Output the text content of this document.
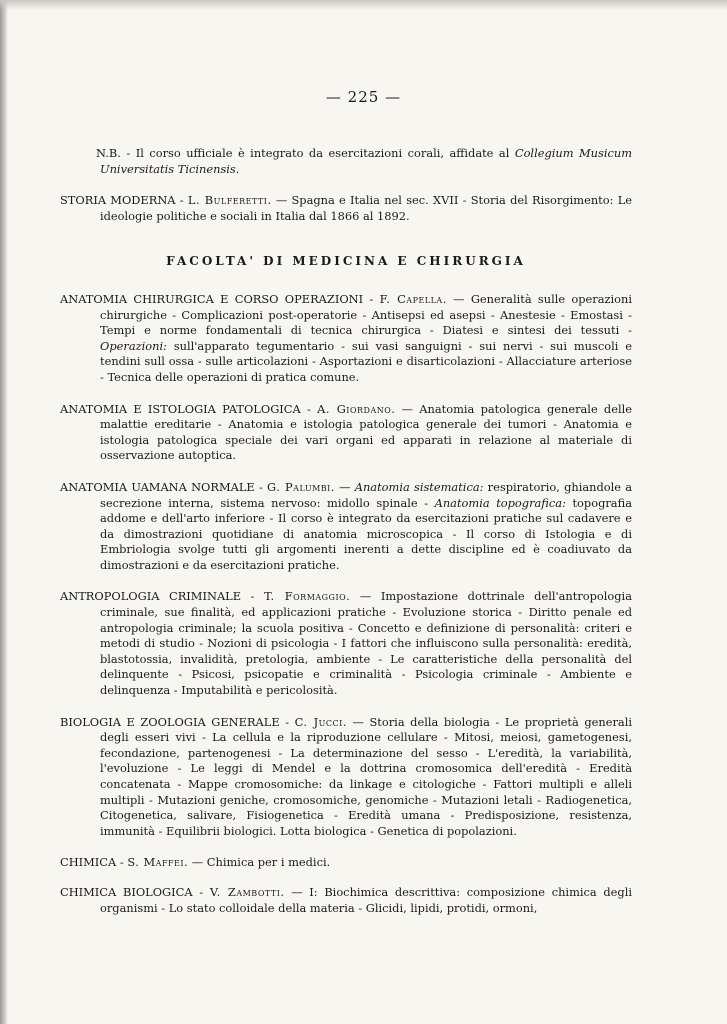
— 225 —

N.B. - Il corso ufficiale è integrato da esercitazioni corali, affidate al Collegium Musicum Universitatis Ticinensis.

STORIA MODERNA - L. Bulferetti. — Spagna e Italia nel sec. XVII - Storia del Risorgimento: Le ideologie politiche e sociali in Italia dal 1866 al 1892.

FACOLTA' DI MEDICINA E CHIRURGIA

ANATOMIA CHIRURGICA E CORSO OPERAZIONI - F. Capella. — Generalità sulle operazioni chirurgiche - Complicazioni post-operatorie - Antisepsi ed asepsi - Anestesie - Emostasi - Tempi e norme fondamentali di tecnica chirurgica - Diatesi e sintesi dei tessuti - Operazioni: sull'apparato tegumentario - sui vasi sanguigni - sui nervi - sui muscoli e tendini sull ossa - sulle articolazioni - Asportazioni e disarticolazioni - Allacciature arteriose - Tecnica delle operazioni di pratica comune.

ANATOMIA E ISTOLOGIA PATOLOGICA - A. Giordano. — Anatomia patologica generale delle malattie ereditarie - Anatomia e istologia patologica generale dei tumori - Anatomia e istologia patologica speciale dei vari organi ed apparati in relazione al materiale di osservazione autoptica.

ANATOMIA UAMANA NORMALE - G. Palumbi. — Anatomia sistematica: respiratorio, ghiandole a secrezione interna, sistema nervoso: midollo spinale - Anatomia topografica: topografia addome e dell'arto inferiore - Il corso è integrato da esercitazioni pratiche sul cadavere e da dimostrazioni quotidiane di anatomia microscopica - Il corso di Istologia e di Embriologia svolge tutti gli argomenti inerenti a dette discipline ed è coadiuvato da dimostrazioni e da esercitazioni pratiche.

ANTROPOLOGIA CRIMINALE - T. Formaggio. — Impostazione dottrinale dell'antropologia criminale, sue finalità, ed applicazioni pratiche - Evoluzione storica - Diritto penale ed antropologia criminale; la scuola positiva - Concetto e definizione di personalità: criteri e metodi di studio - Nozioni di psicologia - I fattori che influiscono sulla personalità: eredità, blastotossia, invalidità, pretologia, ambiente - Le caratteristiche della personalità del delinquente - Psicosi, psicopatie e criminalità - Psicologia criminale - Ambiente e delinquenza - Imputabilità e pericolosità.

BIOLOGIA E ZOOLOGIA GENERALE - C. Jucci. — Storia della biologia - Le proprietà generali degli esseri vivi - La cellula e la riproduzione cellulare - Mitosi, meiosi, gametogenesi, fecondazione, partenogenesi - La determinazione del sesso - L'eredità, la variabilità, l'evoluzione - Le leggi di Mendel e la dottrina cromosomica dell'eredità - Eredità concatenata - Mappe cromosomiche: da linkage e citologiche - Fattori multipli e alleli multipli - Mutazioni geniche, cromosomiche, genomiche - Mutazioni letali - Radiogenetica, Citogenetica, salivare, Fisiogenetica - Eredità umana - Predisposizione, resistenza, immunità - Equilibrii biologici. Lotta biologica - Genetica di popolazioni.

CHIMICA - S. Maffei. — Chimica per i medici.

CHIMICA BIOLOGICA - V. Zambotti. — I: Biochimica descrittiva: composizione chimica degli organismi - Lo stato colloidale della materia - Glicidi, lipidi, protidi, ormoni,
